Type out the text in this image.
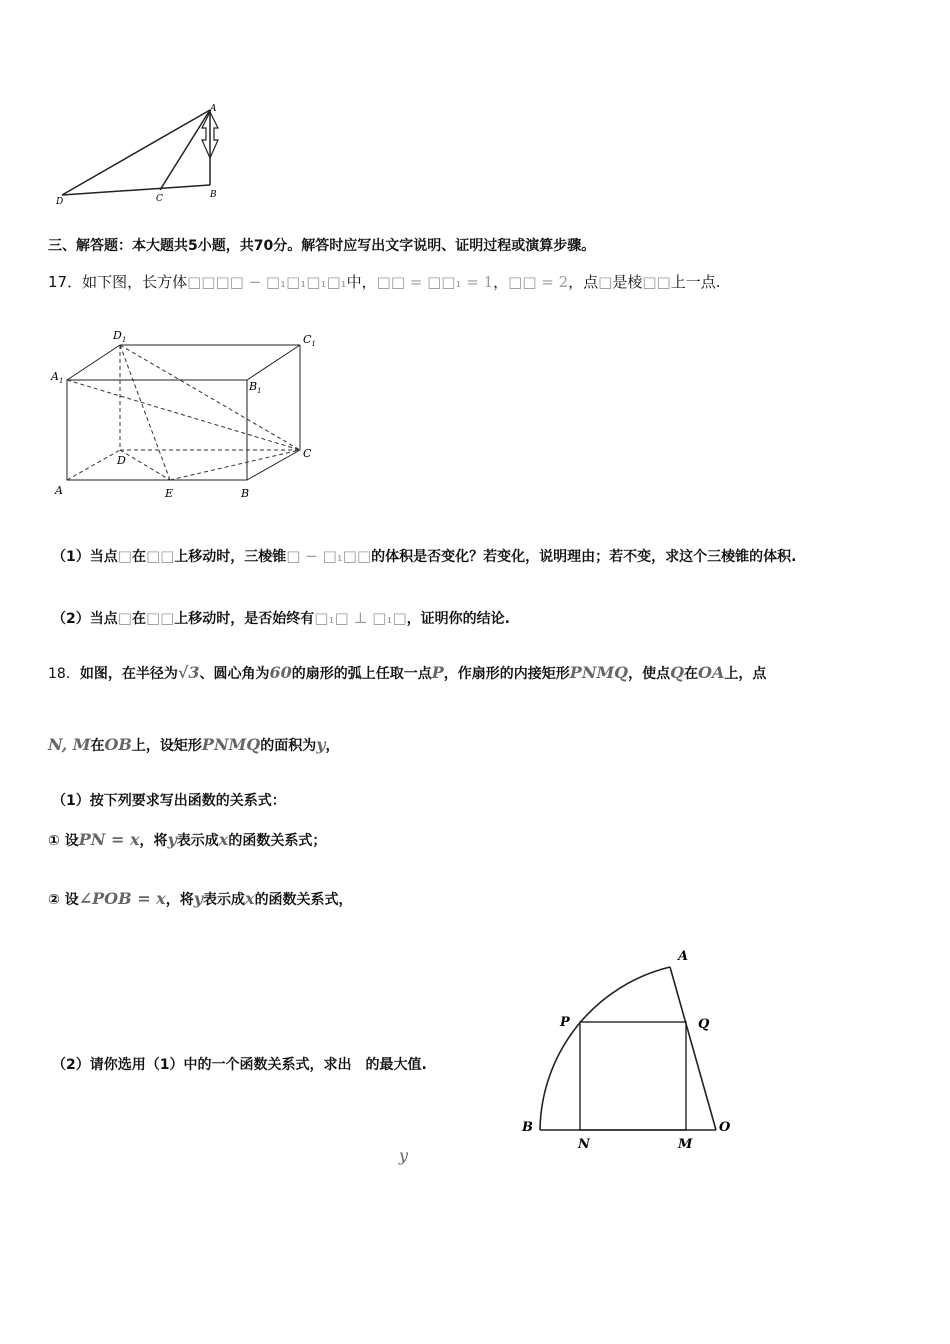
A
B
C
D
三、解答题：本大题共5小题，共70分。解答时应写出文字说明、证明过程或演算步骤。
17．如下图，长方体□□□□ − □₁□₁□₁□₁中，□□ = □□₁ = 1，□□ = 2，点□是棱□□上一点.
$D_1$	$C_1$
$A_1$	$B_1$
D
C
A	E	B
（1）当点□在□□上移动时，三棱锥□ − □₁□□的体积是否变化？若变化，说明理由；若不变，求这个三棱锥的体积.
（2）当点□在□□上移动时，是否始终有□₁□ ⊥ □₁□，证明你的结论.
18．如图，在半径为√3、圆心角为60的扇形的弧上任取一点P，作扇形的内接矩形PNMQ，使点Q在OA上，点
N, M在OB上，设矩形PNMQ的面积为y，
（1）按下列要求写出函数的关系式：
① 设PN = x，将y表示成x的函数关系式；
② 设∠POB = x，将y表示成x的函数关系式，
（2）请你选用（1）中的一个函数关系式，求出　的最大值.
y
A
P	Q
B
N	M
O
